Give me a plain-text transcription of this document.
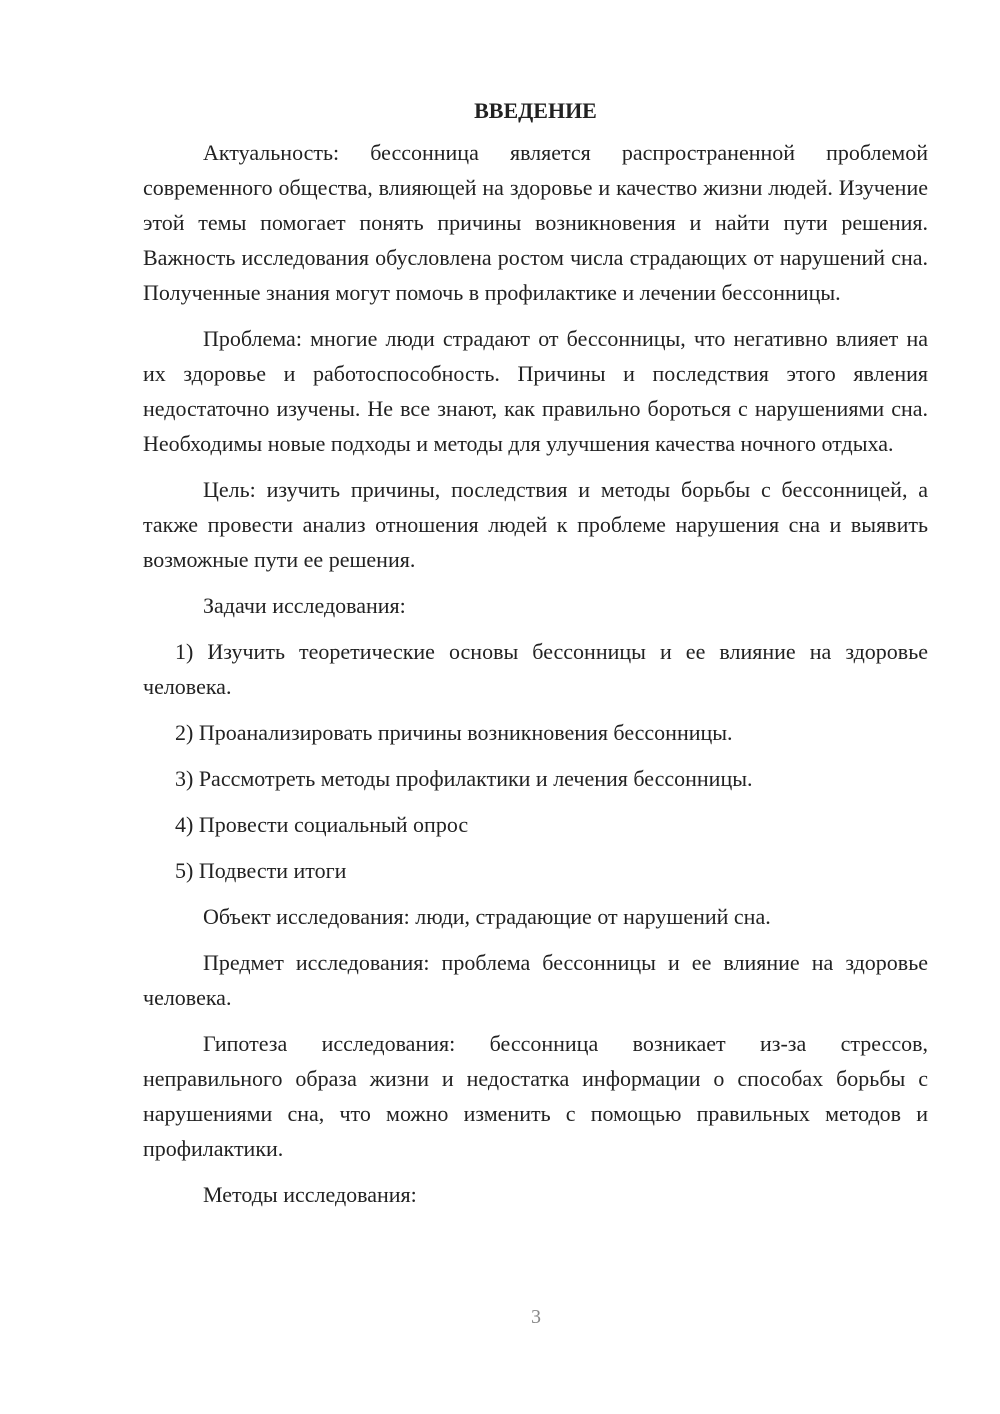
ВВЕДЕНИЕ

Актуальность: бессонница является распространенной проблемой современного общества, влияющей на здоровье и качество жизни людей. Изучение этой темы помогает понять причины возникновения и найти пути решения. Важность исследования обусловлена ростом числа страдающих от нарушений сна. Полученные знания могут помочь в профилактике и лечении бессонницы.

Проблема: многие люди страдают от бессонницы, что негативно влияет на их здоровье и работоспособность. Причины и последствия этого явления недостаточно изучены. Не все знают, как правильно бороться с нарушениями сна. Необходимы новые подходы и методы для улучшения качества ночного отдыха.

Цель: изучить причины, последствия и методы борьбы с бессонницей, а также провести анализ отношения людей к проблеме нарушения сна и выявить возможные пути ее решения.

Задачи исследования:

1) Изучить теоретические основы бессонницы и ее влияние на здоровье человека.

2) Проанализировать причины возникновения бессонницы.

3) Рассмотреть методы профилактики и лечения бессонницы.

4) Провести социальный опрос

5) Подвести итоги

Объект исследования: люди, страдающие от нарушений сна.

Предмет исследования: проблема бессонницы и ее влияние на здоровье человека.

Гипотеза исследования: бессонница возникает из-за стрессов, неправильного образа жизни и недостатка информации о способах борьбы с нарушениями сна, что можно изменить с помощью правильных методов и профилактики.

Методы исследования:

3
